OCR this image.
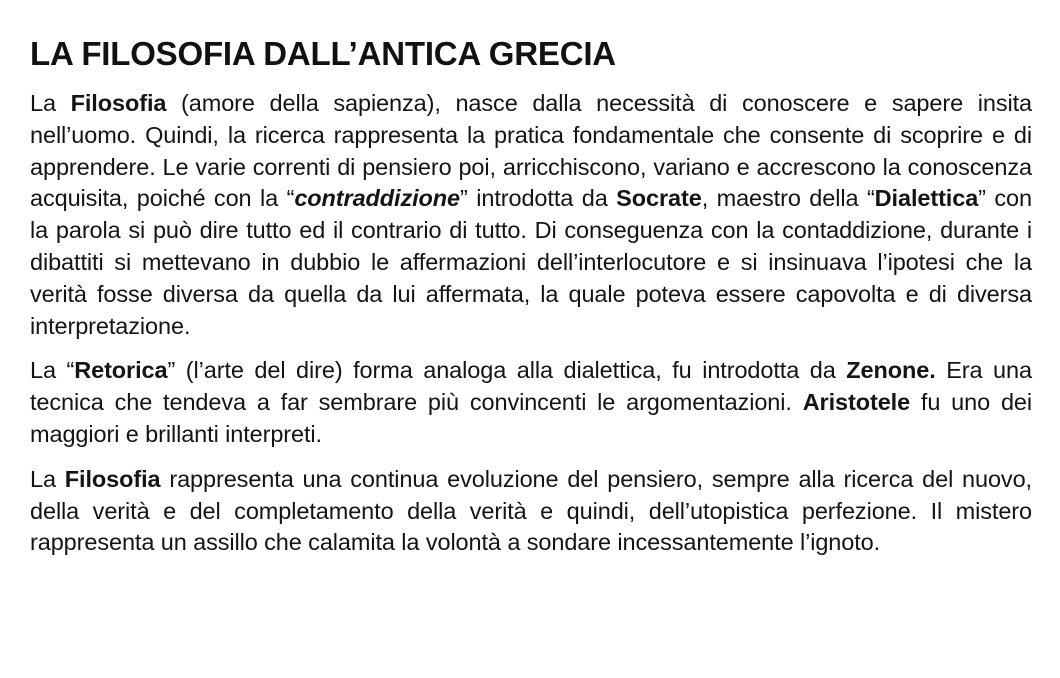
LA FILOSOFIA DALL’ANTICA GRECIA

La Filosofia (amore della sapienza), nasce dalla necessità di conoscere e sapere insita nell’uomo. Quindi, la ricerca rappresenta la pratica fondamentale che consente di scoprire e di apprendere. Le varie correnti di pensiero poi, arricchiscono, variano e accrescono la conoscenza acquisita, poiché con la “contraddizione” introdotta da Socrate, maestro della “Dialettica” con la parola si può dire tutto ed il contrario di tutto. Di conseguenza con la contaddizione, durante i dibattiti si mettevano in dubbio le affermazioni dell’interlocutore e si insinuava l’ipotesi che la verità fosse diversa da quella da lui affermata, la quale poteva essere capovolta e di diversa interpretazione.

La “Retorica” (l’arte del dire) forma analoga alla dialettica, fu introdotta da Zenone. Era una tecnica che tendeva a far sembrare più convincenti le argomentazioni. Aristotele fu uno dei maggiori e brillanti interpreti.

La Filosofia rappresenta una continua evoluzione del pensiero, sempre alla ricerca del nuovo, della verità e del completamento della verità e quindi, dell’utopistica perfezione. Il mistero rappresenta un assillo che calamita la volontà a sondare incessantemente l’ignoto.
